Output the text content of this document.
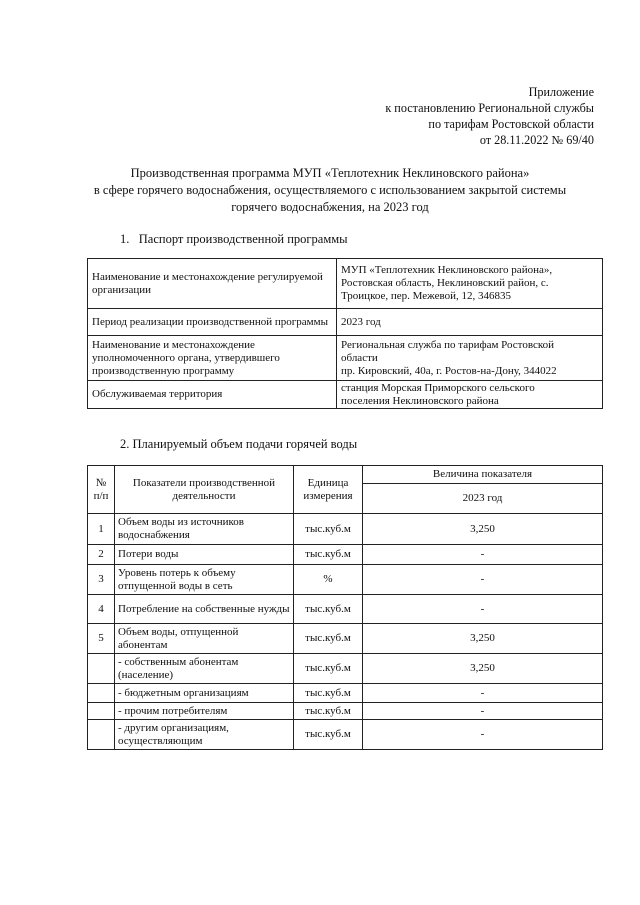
Приложение
к постановлению Региональной службы
по тарифам Ростовской области
от 28.11.2022 № 69/40
Производственная программа МУП «Теплотехник Неклиновского района»
в сфере горячего водоснабжения, осуществляемого с использованием закрытой системы
горячего водоснабжения, на 2023 год
1. Паспорт производственной программы
Наименование и местонахождение регулируемой организации	МУП «Теплотехник Неклиновского района»,
Ростовская область, Неклиновский район, с.
Троицкое, пер. Межевой, 12, 346835

Период реализации производственной программы	2023 год

Наименование и местонахождение уполномоченного органа, утвердившего производственную программу	Региональная служба по тарифам Ростовской
области
пр. Кировский, 40а, г. Ростов-на-Дону, 344022

Обслуживаемая территория	станция Морская Приморского сельского
поселения Неклиновского района
2. Планируемый объем подачи горячей воды
№ п/п	Показатели производственной деятельности	Единица измерения	Величина показателя
			2023 год
1	Объем воды из источников водоснабжения	тыс.куб.м	3,250
2	Потери воды	тыс.куб.м	-
3	Уровень потерь к объему отпущенной воды в сеть	%	-
4	Потребление на собственные нужды	тыс.куб.м	-
5	Объем воды, отпущенной абонентам	тыс.куб.м	3,250
	- собственным абонентам (население)	тыс.куб.м	3,250
	- бюджетным организациям	тыс.куб.м	-
	- прочим потребителям	тыс.куб.м	-
	- другим организациям, осуществляющим	тыс.куб.м	-
